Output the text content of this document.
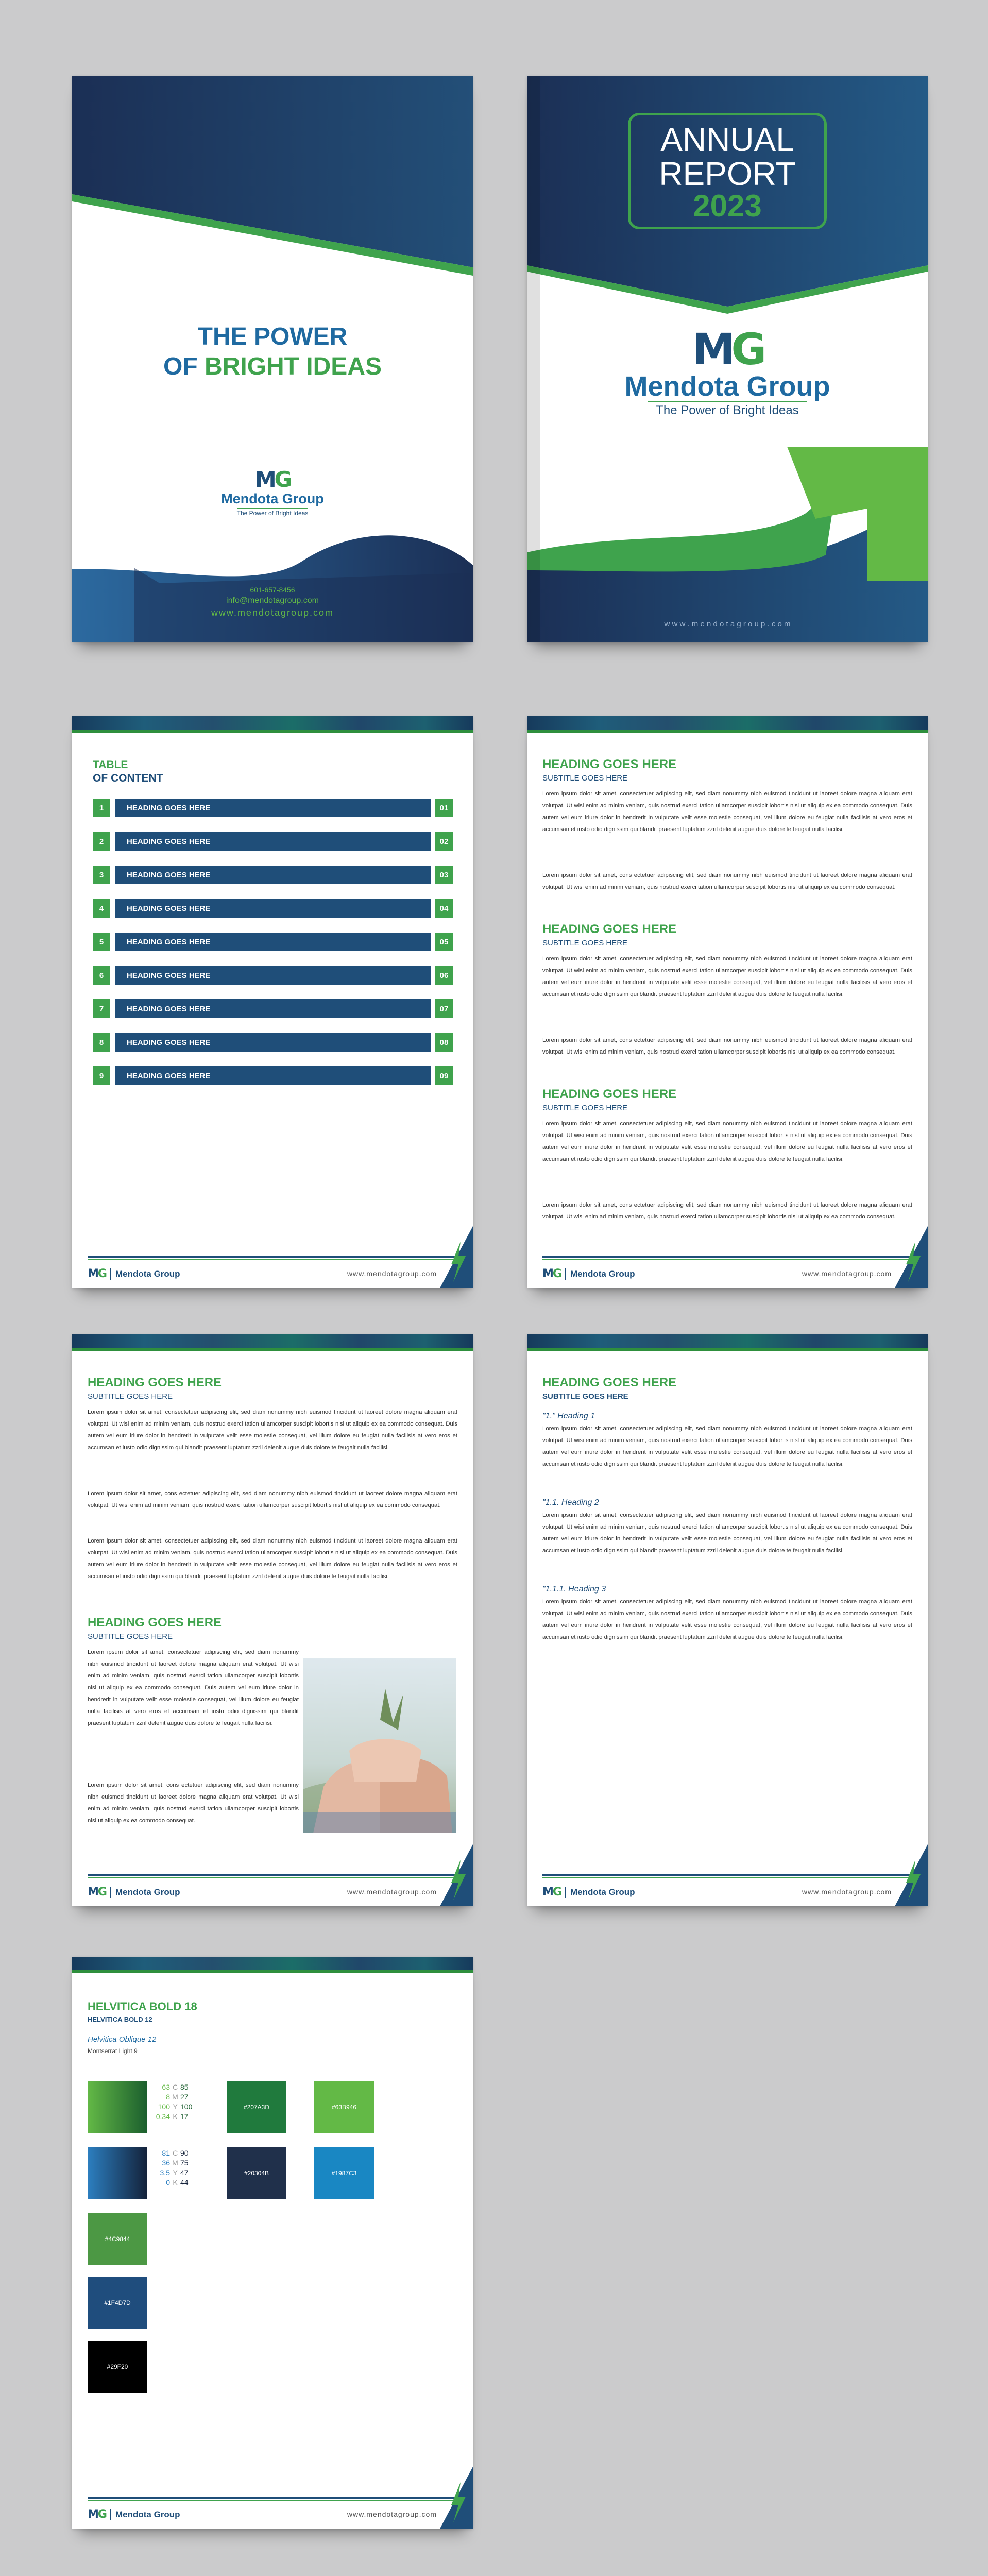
THE POWER
OF BRIGHT IDEAS
MG
Mendota Group
The Power of Bright Ideas
601-657-8456
info@mendotagroup.com
www.mendotagroup.com
ANNUAL
REPORT
2023
MG
Mendota Group
The Power of Bright Ideas
w w w . m e n d o t a g r o u p . c o m
TABLE
OF CONTENT
1	HEADING GOES HERE	01
2	HEADING GOES HERE	02
3	HEADING GOES HERE	03
4	HEADING GOES HERE	04
5	HEADING GOES HERE	05
6	HEADING GOES HERE	06
7	HEADING GOES HERE	07
8	HEADING GOES HERE	08
9	HEADING GOES HERE	09
MG Mendota Group	www.mendotagroup.com
HEADING GOES HERE
SUBTITLE GOES HERE
Lorem ipsum dolor sit amet, consectetuer adipiscing elit, sed diam nonummy nibh euismod tincidunt ut laoreet dolore magna aliquam erat volutpat. Ut wisi enim ad minim veniam, quis nostrud exerci tation ullamcorper suscipit lobortis nisl ut aliquip ex ea commodo consequat. Duis autem vel eum iriure dolor in hendrerit in vulputate velit esse molestie consequat, vel illum dolore eu feugiat nulla facilisis at vero eros et accumsan et iusto odio dignissim qui blandit praesent luptatum zzril delenit augue duis dolore te feugait nulla facilisi.
Lorem ipsum dolor sit amet, cons ectetuer adipiscing elit, sed diam nonummy nibh euismod tincidunt ut laoreet dolore magna aliquam erat volutpat. Ut wisi enim ad minim veniam, quis nostrud exerci tation ullamcorper suscipit lobortis nisl ut aliquip ex ea commodo consequat.
HEADING GOES HERE
SUBTITLE GOES HERE
Lorem ipsum dolor sit amet, consectetuer adipiscing elit, sed diam nonummy nibh euismod tincidunt ut laoreet dolore magna aliquam erat volutpat. Ut wisi enim ad minim veniam, quis nostrud exerci tation ullamcorper suscipit lobortis nisl ut aliquip ex ea commodo consequat. Duis autem vel eum iriure dolor in hendrerit in vulputate velit esse molestie consequat, vel illum dolore eu feugiat nulla facilisis at vero eros et accumsan et iusto odio dignissim qui blandit praesent luptatum zzril delenit augue duis dolore te feugait nulla facilisi.
Lorem ipsum dolor sit amet, cons ectetuer adipiscing elit, sed diam nonummy nibh euismod tincidunt ut laoreet dolore magna aliquam erat volutpat. Ut wisi enim ad minim veniam, quis nostrud exerci tation ullamcorper suscipit lobortis nisl ut aliquip ex ea commodo consequat.
HEADING GOES HERE
SUBTITLE GOES HERE
Lorem ipsum dolor sit amet, consectetuer adipiscing elit, sed diam nonummy nibh euismod tincidunt ut laoreet dolore magna aliquam erat volutpat. Ut wisi enim ad minim veniam, quis nostrud exerci tation ullamcorper suscipit lobortis nisl ut aliquip ex ea commodo consequat. Duis autem vel eum iriure dolor in hendrerit in vulputate velit esse molestie consequat, vel illum dolore eu feugiat nulla facilisis at vero eros et accumsan et iusto odio dignissim qui blandit praesent luptatum zzril delenit augue duis dolore te feugait nulla facilisi.
Lorem ipsum dolor sit amet, cons ectetuer adipiscing elit, sed diam nonummy nibh euismod tincidunt ut laoreet dolore magna aliquam erat volutpat. Ut wisi enim ad minim veniam, quis nostrud exerci tation ullamcorper suscipit lobortis nisl ut aliquip ex ea commodo consequat.
MG Mendota Group	www.mendotagroup.com
HEADING GOES HERE
SUBTITLE GOES HERE
Lorem ipsum dolor sit amet, consectetuer adipiscing elit, sed diam nonummy nibh euismod tincidunt ut laoreet dolore magna aliquam erat volutpat. Ut wisi enim ad minim veniam, quis nostrud exerci tation ullamcorper suscipit lobortis nisl ut aliquip ex ea commodo consequat. Duis autem vel eum iriure dolor in hendrerit in vulputate velit esse molestie consequat, vel illum dolore eu feugiat nulla facilisis at vero eros et accumsan et iusto odio dignissim qui blandit praesent luptatum zzril delenit augue duis dolore te feugait nulla facilisi.
Lorem ipsum dolor sit amet, cons ectetuer adipiscing elit, sed diam nonummy nibh euismod tincidunt ut laoreet dolore magna aliquam erat volutpat. Ut wisi enim ad minim veniam, quis nostrud exerci tation ullamcorper suscipit lobortis nisl ut aliquip ex ea commodo consequat.
Lorem ipsum dolor sit amet, consectetuer adipiscing elit, sed diam nonummy nibh euismod tincidunt ut laoreet dolore magna aliquam erat volutpat. Ut wisi enim ad minim veniam, quis nostrud exerci tation ullamcorper suscipit lobortis nisl ut aliquip ex ea commodo consequat. Duis autem vel eum iriure dolor in hendrerit in vulputate velit esse molestie consequat, vel illum dolore eu feugiat nulla facilisis at vero eros et accumsan et iusto odio dignissim qui blandit praesent luptatum zzril delenit augue duis dolore te feugait nulla facilisi.
HEADING GOES HERE
SUBTITLE GOES HERE
Lorem ipsum dolor sit amet, consectetuer adipiscing elit, sed diam nonummy nibh euismod tincidunt ut laoreet dolore magna aliquam erat volutpat. Ut wisi enim ad minim veniam, quis nostrud exerci tation ullamcorper suscipit lobortis nisl ut aliquip ex ea commodo consequat. Duis autem vel eum iriure dolor in hendrerit in vulputate velit esse molestie consequat, vel illum dolore eu feugiat nulla facilisis at vero eros et accumsan et iusto odio dignissim qui blandit praesent luptatum zzril delenit augue duis dolore te feugait nulla facilisi.
Lorem ipsum dolor sit amet, cons ectetuer adipiscing elit, sed diam nonummy nibh euismod tincidunt ut laoreet dolore magna aliquam erat volutpat. Ut wisi enim ad minim veniam, quis nostrud exerci tation ullamcorper suscipit lobortis nisl ut aliquip ex ea commodo consequat.
MG Mendota Group	www.mendotagroup.com
HEADING GOES HERE
SUBTITLE GOES HERE
"1." Heading 1
Lorem ipsum dolor sit amet, consectetuer adipiscing elit, sed diam nonummy nibh euismod tincidunt ut laoreet dolore magna aliquam erat volutpat. Ut wisi enim ad minim veniam, quis nostrud exerci tation ullamcorper suscipit lobortis nisl ut aliquip ex ea commodo consequat. Duis autem vel eum iriure dolor in hendrerit in vulputate velit esse molestie consequat, vel illum dolore eu feugiat nulla facilisis at vero eros et accumsan et iusto odio dignissim qui blandit praesent luptatum zzril delenit augue duis dolore te feugait nulla facilisi.
"1.1. Heading 2
Lorem ipsum dolor sit amet, consectetuer adipiscing elit, sed diam nonummy nibh euismod tincidunt ut laoreet dolore magna aliquam erat volutpat. Ut wisi enim ad minim veniam, quis nostrud exerci tation ullamcorper suscipit lobortis nisl ut aliquip ex ea commodo consequat. Duis autem vel eum iriure dolor in hendrerit in vulputate velit esse molestie consequat, vel illum dolore eu feugiat nulla facilisis at vero eros et accumsan et iusto odio dignissim qui blandit praesent luptatum zzril delenit augue duis dolore te feugait nulla facilisi.
"1.1.1. Heading 3
Lorem ipsum dolor sit amet, consectetuer adipiscing elit, sed diam nonummy nibh euismod tincidunt ut laoreet dolore magna aliquam erat volutpat. Ut wisi enim ad minim veniam, quis nostrud exerci tation ullamcorper suscipit lobortis nisl ut aliquip ex ea commodo consequat. Duis autem vel eum iriure dolor in hendrerit in vulputate velit esse molestie consequat, vel illum dolore eu feugiat nulla facilisis at vero eros et accumsan et iusto odio dignissim qui blandit praesent luptatum zzril delenit augue duis dolore te feugait nulla facilisi.
MG Mendota Group	www.mendotagroup.com
HELVITICA BOLD 18
HELVITICA BOLD 12
Helvitica Oblique 12
Montserrat Light 9
63 C 85
8 M 27
100 Y 100
0.34 K 17
#207A3D	#63B946
81 C 90
36 M 75
3.5 Y 47
0 K 44
#20304B	#1987C3
#4C9844
#1F4D7D
#29F20
MG Mendota Group	www.mendotagroup.com
